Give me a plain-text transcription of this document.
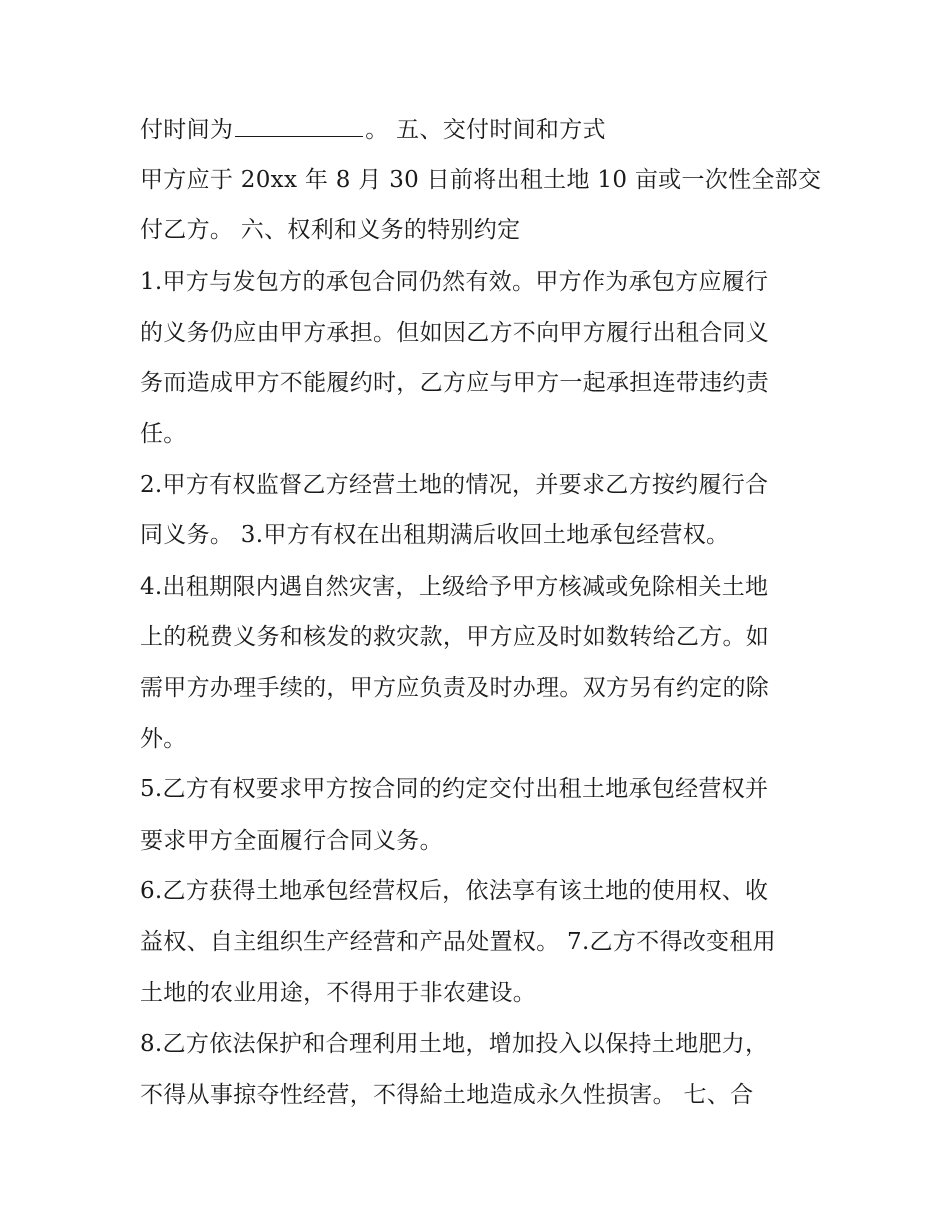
付时间为	。 五、交付时间和方式
甲方应于 20xx 年 8 月 30 日前将出租土地 10 亩或一次性全部交
付乙方。 六、权利和义务的特别约定
1.甲方与发包方的承包合同仍然有效。甲方作为承包方应履行
的义务仍应由甲方承担。但如因乙方不向甲方履行出租合同义
务而造成甲方不能履约时，乙方应与甲方一起承担连带违约责
任。
2.甲方有权监督乙方经营土地的情况，并要求乙方按约履行合
同义务。 3.甲方有权在出租期满后收回土地承包经营权。
4.出租期限内遇自然灾害，上级给予甲方核减或免除相关土地
上的税费义务和核发的救灾款，甲方应及时如数转给乙方。如
需甲方办理手续的，甲方应负责及时办理。双方另有约定的除
外。
5.乙方有权要求甲方按合同的约定交付出租土地承包经营权并
要求甲方全面履行合同义务。
6.乙方获得土地承包经营权后，依法享有该土地的使用权、收
益权、自主组织生产经营和产品处置权。 7.乙方不得改变租用
土地的农业用途，不得用于非农建设。
8.乙方依法保护和合理利用土地，增加投入以保持土地肥力，
不得从事掠夺性经营，不得給土地造成永久性损害。 七、合
